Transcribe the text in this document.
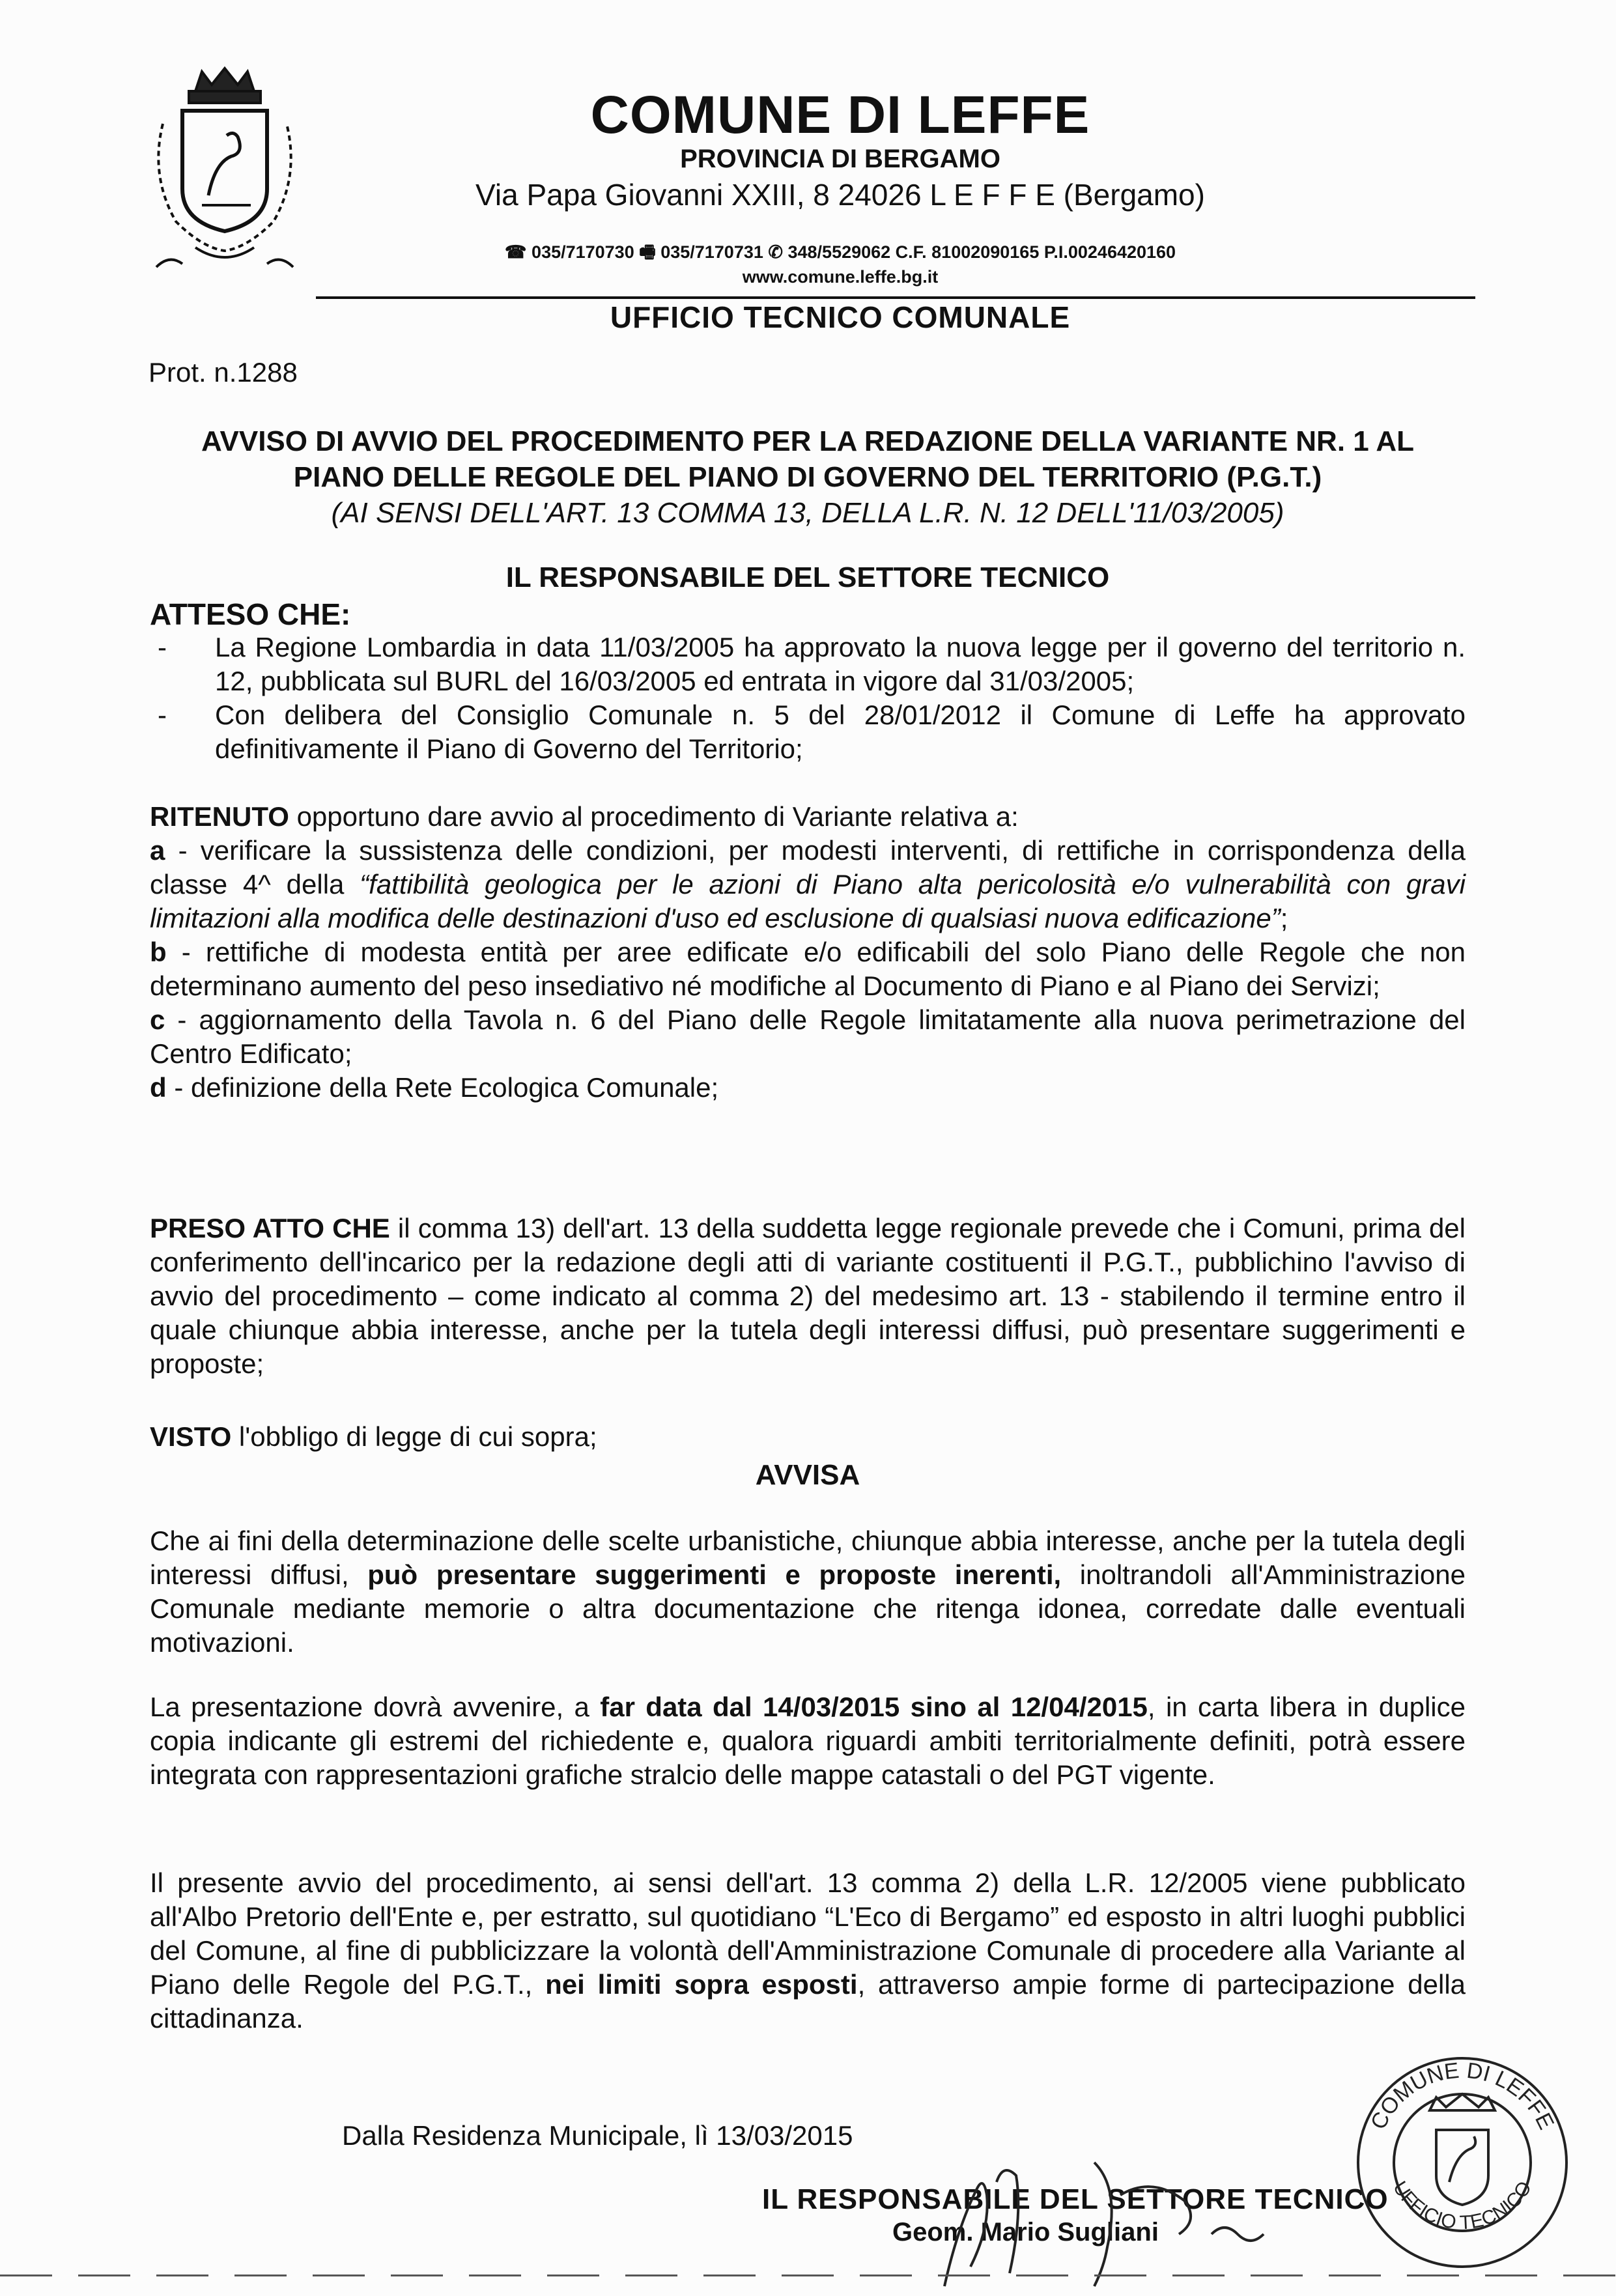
COMUNE DI LEFFE
PROVINCIA DI BERGAMO
Via Papa Giovanni XXIII, 8 24026 L E F F E (Bergamo)
☎ 035/7170730 🖷 035/7170731 ✆ 348/5529062 C.F. 81002090165 P.I.00246420160
www.comune.leffe.bg.it
UFFICIO TECNICO COMUNALE
Prot. n.1288
AVVISO DI AVVIO DEL PROCEDIMENTO PER LA REDAZIONE DELLA VARIANTE NR. 1 AL
PIANO DELLE REGOLE DEL PIANO DI GOVERNO DEL TERRITORIO (P.G.T.)
(AI SENSI DELL'ART. 13 COMMA 13, DELLA L.R. N. 12 DELL'11/03/2005)
IL RESPONSABILE DEL SETTORE TECNICO
ATTESO CHE:
- La Regione Lombardia in data 11/03/2005 ha approvato la nuova legge per il governo del territorio n. 12, pubblicata sul BURL del 16/03/2005 ed entrata in vigore dal 31/03/2005;
- Con delibera del Consiglio Comunale n. 5 del 28/01/2012 il Comune di Leffe ha approvato definitivamente il Piano di Governo del Territorio;
RITENUTO opportuno dare avvio al procedimento di Variante relativa a:
a - verificare la sussistenza delle condizioni, per modesti interventi, di rettifiche in corrispondenza della classe 4^ della “fattibilità geologica per le azioni di Piano alta pericolosità e/o vulnerabilità con gravi limitazioni alla modifica delle destinazioni d'uso ed esclusione di qualsiasi nuova edificazione”;
b - rettifiche di modesta entità per aree edificate e/o edificabili del solo Piano delle Regole che non determinano aumento del peso insediativo né modifiche al Documento di Piano e al Piano dei Servizi;
c - aggiornamento della Tavola n. 6 del Piano delle Regole limitatamente alla nuova perimetrazione del Centro Edificato;
d - definizione della Rete Ecologica Comunale;
PRESO ATTO CHE il comma 13) dell'art. 13 della suddetta legge regionale prevede che i Comuni, prima del conferimento dell'incarico per la redazione degli atti di variante costituenti il P.G.T., pubblichino l'avviso di avvio del procedimento – come indicato al comma 2) del medesimo art. 13 - stabilendo il termine entro il quale chiunque abbia interesse, anche per la tutela degli interessi diffusi, può presentare suggerimenti e proposte;
VISTO l'obbligo di legge di cui sopra;
AVVISA
Che ai fini della determinazione delle scelte urbanistiche, chiunque abbia interesse, anche per la tutela degli interessi diffusi, può presentare suggerimenti e proposte inerenti, inoltrandoli all'Amministrazione Comunale mediante memorie o altra documentazione che ritenga idonea, corredate dalle eventuali motivazioni.
La presentazione dovrà avvenire, a far data dal 14/03/2015 sino al 12/04/2015, in carta libera in duplice copia indicante gli estremi del richiedente e, qualora riguardi ambiti territorialmente definiti, potrà essere integrata con rappresentazioni grafiche stralcio delle mappe catastali o del PGT vigente.
Il presente avvio del procedimento, ai sensi dell'art. 13 comma 2) della L.R. 12/2005 viene pubblicato all'Albo Pretorio dell'Ente e, per estratto, sul quotidiano “L'Eco di Bergamo” ed esposto in altri luoghi pubblici del Comune, al fine di pubblicizzare la volontà dell'Amministrazione Comunale di procedere alla Variante al Piano delle Regole del P.G.T., nei limiti sopra esposti, attraverso ampie forme di partecipazione della cittadinanza.
Dalla Residenza Municipale, lì 13/03/2015
IL RESPONSABILE DEL SETTORE TECNICO
Geom. Mario Sugliani
COMUNE DI LEFFE
UFFICIO TECNICO
